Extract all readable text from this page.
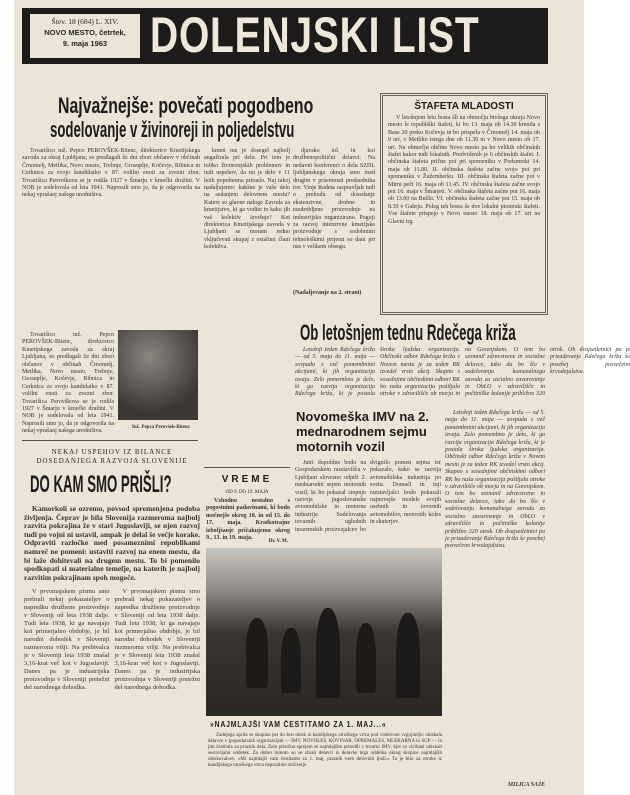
Štev. 18 (684) L. XIV.
NOVO MESTO, četrtek,
9. maja 1963 DOLENJSKI LIST
Najvažnejše: povečati pogodbeno
sodelovanje v živinoreji in poljedelstvu

Tovarišico inž. Pepco PEROVŠEK-Bitenc, direktorico Kmetijskega zavoda za okraj Ljubljana, so predlagali že dni zbori občanov v občinah Črnomelj, Metlika, Novo mesto, Trebnje, Grosuplje, Kočevje, Ribnica in Cerknica za svojo kandidatko v 87. volilni enoti za zvezni zbor. Tovarišica Perovškova se je rodila 1927 v Šmarju v kmečki družini. V NOB je sodelovala od leta 1941. Naprosili smo jo, da je odgovorila na nekaj vprašanj našega uredništva.

kmeti me je dosegel najbolj angažirala pri delu. Pri tem je toliko živinorejskih problemov in tudi uspehov, da mi je delo v 11 letih popolnoma priraslo. Naj takoj nadaljujemo: kakšne je vaše delo na sedanjem delovnem mestu? Katere so glavne naloge Zavoda za kmetijstvo, ki ga vodite in kako jih vaš kolektiv izvršuje? Kot direktorica Kmetijskega zavoda v Ljubljani se moram redno vključevati skupaj z ostalimi člani kolektiva.

djavsko itd. in koi družbenopolitični delavci. Na nedavni konferenci o delu SZDL ljubljanskega okraja smo med drugim v prisotnosti predsednika tov. Vinje Radeta razpravljali tudi o prehodu od dosedanje ekstenzivne, drobne in razdrobljene proizvodnje na industrijsko organizirano. Pogoji za razvoj intenzivne kmetijske proizvodnje s sodobnimi tehnološkimi prijemi so dani pri nas v velikem obsegu.

(Nadaljevanje na 2. strani)

Tovarišico inž. Pepco PEROVŠEK-Bitenc, direktorico Kmetijskega zavoda za okraj Ljubljana, so predlagali že dni zbori občanov v občinah Črnomelj, Metlika, Novo mesto, Trebnje, Grosuplje, Kočevje, Ribnica in Cerknica za svojo kandidatko v 87. volilni enoti za zvezni zbor. Tovarišica Perovškova se je rodila 1927 v Šmarju v kmečki družini. V NOB je sodelovala od leta 1941. Naprosili smo jo, da je odgovorila na nekaj vprašanj našega uredništva.

Inž. Pepca Perovšek-Bitenc
ŠTAFETA MLADOSTI

V letošnjem letu bosta šli na območju bivšega okraja Novo mesto le republiški štafeti, ki bo 13. maja ob 14.30 krenila s Base 20 preko Kočevja in bo prispela v Črnomelj 14. maja ob 9 uri, v Metliko istega dne ob 11.30 in v Novo mesto ob 17. uri. Na območju občine Novo mesto pa bo velikih občinskih štafet kakor tudi lokalnih. Predvidenih je 6 občinskih štafet. I. občinska štafeta prične pot pri spomeniku v Podsmreki 14. maja ob 11.00. II. občinska štafeta začne svojo pot pri spomeniku v Žužemberku. III. občinska štafeta začne pot v Mirni peči 16. maja ob 11.45. IV. občinska štafeta začne svojo pot 16. maja v Šmarjeti. V. občinska štafeta začne pot 16. maja ob 13.00 na Bučki. VI. občinska štafeta začne pot 15. maja ob 8.30 v Gabrju. Poleg teh bosta še dve lokalni pionirski štafeti. Vse štafete prispejo v Novo mesto 18. maja ob 17. uri na Glavni trg.

Ob letošnjem tednu Rdečega križa

Letošnji teden Rdečega križa — od 5. maja do 11. maja — sovpada z več pomembnimi akcijami, ki jih organizacija izvaja. Zelo pomembno je delo, ki ga razvija organizacija Rdečega križa, ki je postala široka ljudska organizacija. Občinski odbor Rdečega križa v Novem mestu je za teden RK izvedel vrsto akcij. Skupno s sosednjimi občinskimi odbori RK bo naša organizacija pošiljala otroke v zdravilišče ob morju in na Gorenjskem. O tem bo seznanil zdravstvene in socialne delavce, tako da bo šlo v sodelovanju komunalnega zavoda za socialno zavarovanje in ObLO v zdravilišče in počitniške kolonije približno 320 otrok. Ob dvajsetletnici pa je prizadevanje Rdečega križa še posebej posvečeno krvodajalstvu.

Letošnji teden Rdečega križa — od 5. maja do 11. maja — sovpada z več pomembnimi akcijami, ki jih organizacija izvaja. Zelo pomembno je delo, ki ga razvija organizacija Rdečega križa, ki je postala široka ljudska organizacija. Občinski odbor Rdečega križa v Novem mestu je za teden RK izvedel vrsto akcij. Skupno s sosednjimi občinskimi odbori RK bo naša organizacija pošiljala otroke v zdravilišče ob morju in na Gorenjskem. O tem bo seznanil zdravstvene in socialne delavce, tako da bo šlo v sodelovanju komunalnega zavoda za socialno zavarovanje in ObLO v zdravilišče in počitniške kolonije približno 320 otrok. Ob dvajsetletnici pa je prizadevanje Rdečega križa še posebej posvečeno krvodajalstvu.

MILICA SAJE
Novomeška IMV na 2. mednarodnem sejmu motornih vozil

Jutri dopoldne bodo na Gospodarskem razstavišču v Ljubljani slovesno odprli 2. mednarodni sejem motornih vozil, ki bo pokazal stopnjo razvoja jugoslovanske avtomobilske in motorne industrije. Sodelovanja tovarnih uglednih inozemskih proizvajalcev bo dvignilo pomen sejma ter pokazalo, kako se razvija avtomobilska industrija po svetu. Domači in tuji razstavljalci bodo pokazali najnovejše modele svojih osebnih in tovornih avtomobilov, motornih koles in skuterjev.

NEKAJ USPEHOV IZ BILANCE
DOSEDANJEGA RAZVOJA SLOVENIJE
DO KAM SMO PRIŠLI?

Kamorkoli se ozremo, povsod spremenjena podoba življenja. Čeprav je bila Slovenija razmeroma najbolj razvita pokrajina že v stari Jugoslaviji, se njen razvoj tudi po vojni ni ustavil, ampak je delal še večje korake. Odpraviti razločke med posameznimi republikami namreč ne pomeni: ustaviti razvoj na enem mestu, da bi laže dohitevali na drugem mestu. To bi pomenilo spodkopati si materialne temelje, na katerih je najbolj razvitim pokrajinam spoh mogoče.

V prvomajskem pismu smo prebrali nekaj pokazateljev o napredku družbene proizvodnje v Sloveniji od leta 1938 dalje. Tudi leta 1938, ki ga navajajo kot primerjalno obdobje, je bil narodni dohodek v Sloveniji razmeroma višji. Na prebivalca je v Sloveniji leta 1938 znašal 3,16-krat več kot v Jugoslaviji. Danes pa je industrijska proizvodnja v Sloveniji pretežni del narodnega dohodka.

V prvomajskem pismu smo prebrali nekaj pokazateljev o napredku družbene proizvodnje v Sloveniji od leta 1938 dalje. Tudi leta 1938, ki ga navajajo kot primerjalno obdobje, je bil narodni dohodek v Sloveniji razmeroma višji. Na prebivalca je v Sloveniji leta 1938 znašal 3,16-krat več kot v Jugoslaviji. Danes pa je industrijska proizvodnja v Sloveniji pretežni del narodnega dohodka.

VREME
OD 9. DO 19. MAJA

Vzhodno nestalno s pogostnimi padavinami, ki bodo močnejše okrog 10. in od 15. do 17. maja. Kratkotrajne izboljšanje pričakujemo okrog 9., 13. in 19. maja.

Dr. V. M.
»NAJMLAJŠI VAM ČESTITAMO ZA 1. MAJ...«

Zadnjega aprila se skupina pet do šest otrok iz kandijskega otroškega vrtca pod vodstvom vzgojiteljic obiskala delavce v gospodarskih organizacijah — IMV, NOVOLES, KOVINAR, OPREMALES, MLEKARNA in SGP — in jim čestitala za praznik dela. Zelo prisrčno sprejem se najmlajšim priredili v tovarni IMV, kjer so cicibani obiskali sestavljalni oddelek. Za dobro minuto so se zbrali delavci iz delavke tega oddelka okrog skupine najmlajših obiskovalcev. »Mi najmlajši vam čestitamo za 1. maj, praznik vseh delovnih ljudi.« Ta je bilo za otroke iz kandijskega otroškega vrtca nepozabno doživetje.
